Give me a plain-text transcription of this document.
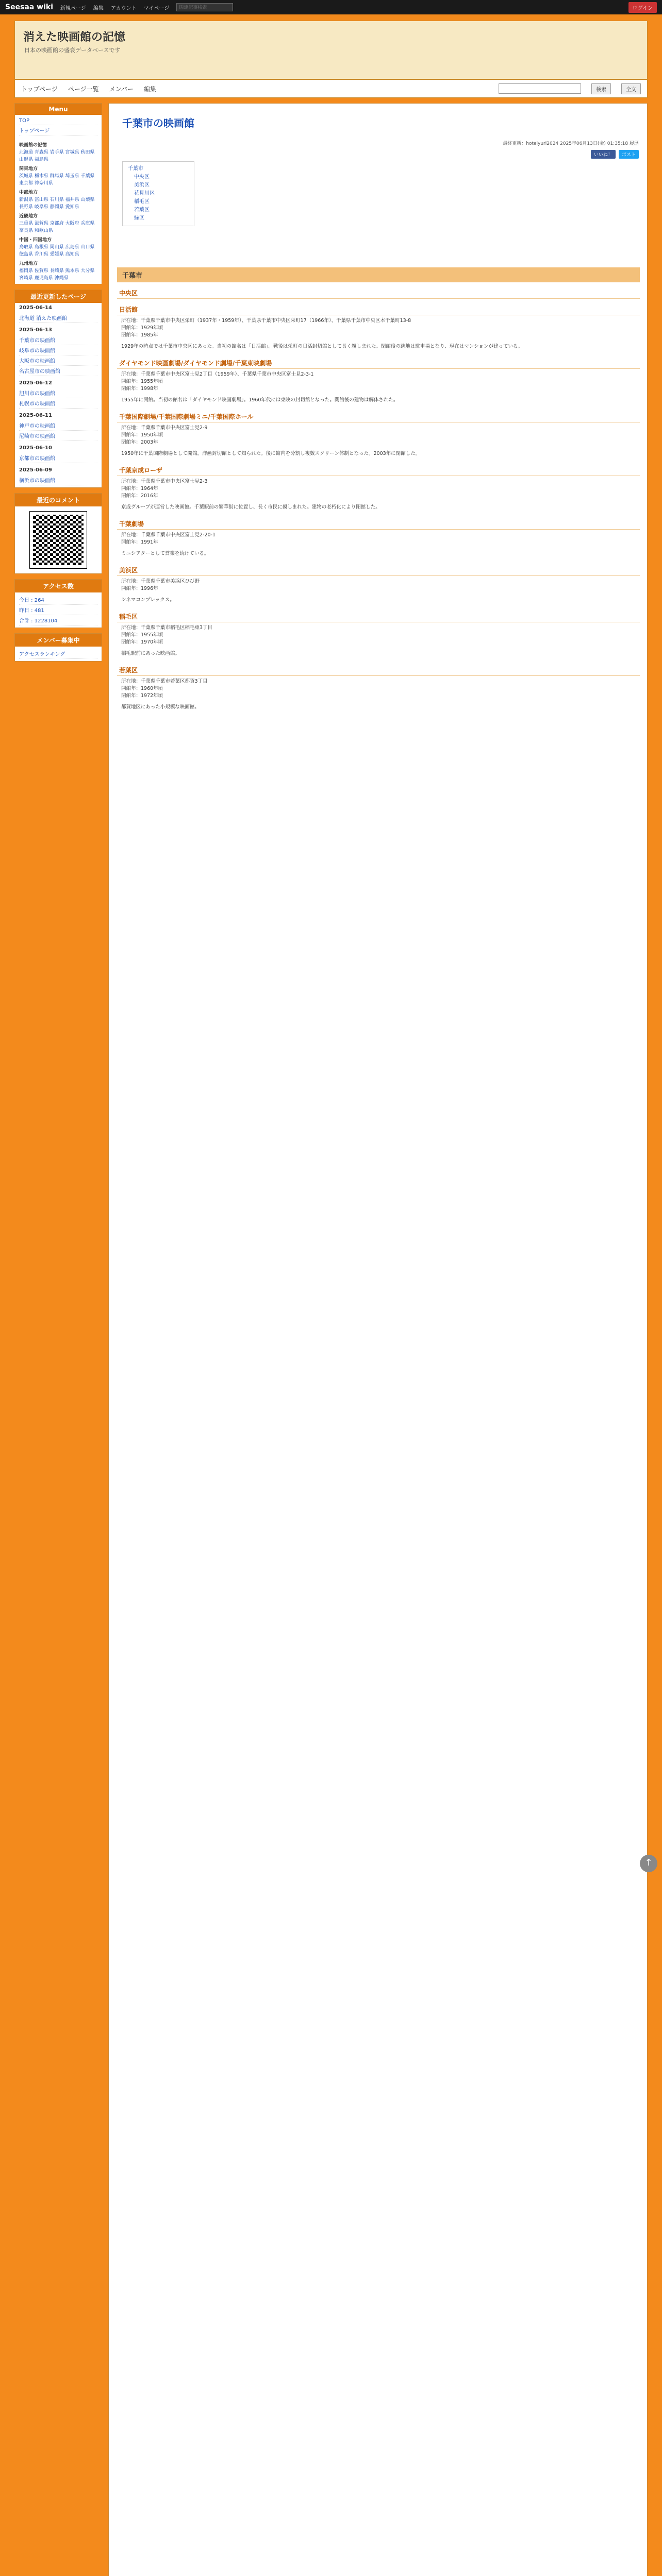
Seesaa wiki 新規ページ 編集 アカウント マイページ
関連記事検索	ログイン
消えた映画館の記憶
日本の映画館の盛衰データベースです
トップページ ページ一覧 メンバー 編集	検索	全文
Menu
TOP
トップページ
映画館の記憶
北海道 青森県 岩手県 宮城県 秋田県 山形県 福島県
関東地方
茨城県 栃木県 群馬県 埼玉県 千葉県 東京都 神奈川県
中部地方
新潟県 富山県 石川県 福井県 山梨県 長野県 岐阜県 静岡県 愛知県
近畿地方
三重県 滋賀県 京都府 大阪府 兵庫県 奈良県 和歌山県
中国・四国地方
鳥取県 島根県 岡山県 広島県 山口県 徳島県 香川県 愛媛県 高知県
九州地方
福岡県 佐賀県 長崎県 熊本県 大分県 宮崎県 鹿児島県 沖縄県
最近更新したページ
2025-06-14
北海道 消えた映画館
2025-06-13
千葉市の映画館
岐阜市の映画館
大阪市の映画館
名古屋市の映画館
2025-06-12
旭川市の映画館
札幌市の映画館
2025-06-11
神戸市の映画館
尼崎市の映画館
2025-06-10
京都市の映画館
2025-06-09
横浜市の映画館
最近のコメント
アクセス数
今日 : 264
昨日 : 481
合計 : 1228104
メンバー募集中
アクセスランキング
千葉市の映画館
最終更新：hotelyuri2024 2025年06月13日(金) 01:35:18 履歴
いいね！	ポスト
千葉市
中央区
美浜区
花見川区
稲毛区
若葉区
緑区
千葉市
中央区
日活館
所在地：千葉県千葉市中央区栄町（1937年・1959年）、千葉県千葉市中央区栄町17（1966年）、千葉県千葉市中央区本千葉町13-8
開館年：1929年頃
閉館年：1985年
1929年の時点では千葉市中央区にあった。当初の館名は「日活館」。戦後は栄町の日活封切館として長く親しまれた。閉館後の跡地は駐車場となり、現在はマンションが建っている。
ダイヤモンド映画劇場/ダイヤモンド劇場/千葉東映劇場
所在地：千葉県千葉市中央区富士見2丁目（1959年）、千葉県千葉市中央区富士見2-3-1
開館年：1955年頃
閉館年：1998年
1955年に開館。当初の館名は「ダイヤモンド映画劇場」。1960年代には東映の封切館となった。閉館後の建物は解体された。
千葉国際劇場/千葉国際劇場ミニ/千葉国際ホール
所在地：千葉県千葉市中央区富士見2-9
開館年：1950年頃
閉館年：2003年
1950年に千葉国際劇場として開館。洋画封切館として知られた。後に館内を分割し複数スクリーン体制となった。2003年に閉館した。
千葉京成ローザ
所在地：千葉県千葉市中央区富士見2-3
開館年：1964年
閉館年：2016年
京成グループが運営した映画館。千葉駅前の繁華街に位置し、長く市民に親しまれた。建物の老朽化により閉館した。
千葉劇場
所在地：千葉県千葉市中央区富士見2-20-1
開館年：1991年
ミニシアターとして営業を続けている。
美浜区
所在地：千葉県千葉市美浜区ひび野
開館年：1996年
シネマコンプレックス。
稲毛区
所在地：千葉県千葉市稲毛区稲毛東3丁目
開館年：1955年頃
閉館年：1970年頃
稲毛駅前にあった映画館。
若葉区
所在地：千葉県千葉市若葉区都賀3丁目
開館年：1960年頃
閉館年：1972年頃
都賀地区にあった小規模な映画館。
↑
